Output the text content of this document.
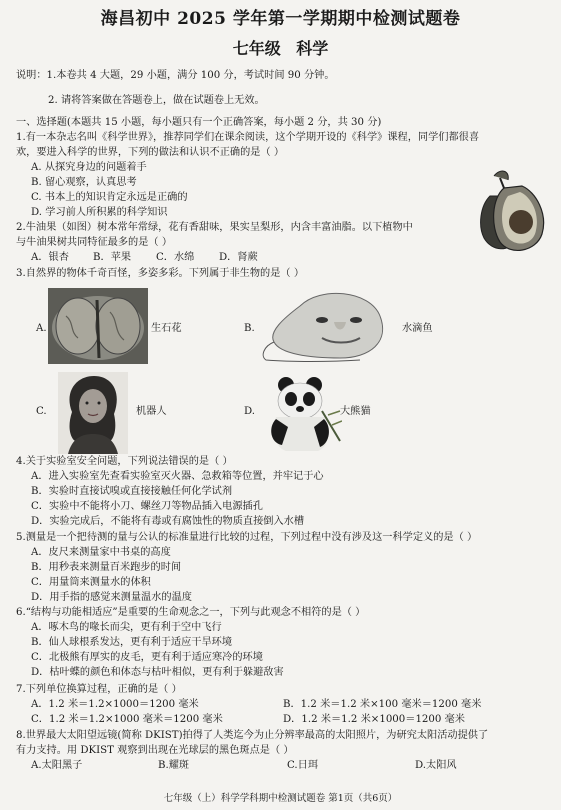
海昌初中 2025 学年第一学期期中检测试题卷
七年级 科学
说明：1.本卷共 4 大题，29 小题，满分 100 分，考试时间 90 分钟。
2. 请将答案做在答题卷上，做在试题卷上无效。
一、选择题(本题共 15 小题，每小题只有一个正确答案，每小题 2 分，共 30 分)
1.有一本杂志名叫《科学世界》，推荐同学们在课余阅读，这个学期开设的《科学》课程，同学们都很喜
欢，要进入科学的世界，下列的做法和认识不正确的是（ ）
A. 从探究身边的问题着手
B. 留心观察，认真思考
C. 书本上的知识肯定永远是正确的
D. 学习前人所积累的科学知识
2.牛油果（如图）树本常年常绿，花有香甜味，果实呈梨形，内含丰富油脂。以下植物中
与牛油果树共同特征最多的是（ ）
A．银杏 B．苹果 C．水绵 D．肾蕨
3.自然界的物体千奇百怪，多姿多彩。下列属于非生物的是（ ）
A.	生石花	B.	水滴鱼
C.	机器人	D.	大熊猫
4.关于实验室安全问题，下列说法错误的是（ ）
A．进入实验室先查看实验室灭火器、急救箱等位置，并牢记于心
B．实验时直接试嗅或直接接触任何化学试剂
C．实验中不能将小刀、螺丝刀等物品插入电源插孔
D．实验完成后，不能将有毒或有腐蚀性的物质直接倒入水槽
5.测量是一个把待测的量与公认的标准量进行比较的过程，下列过程中没有涉及这一科学定义的是（ ）
A．皮尺来测量家中书桌的高度
B．用秒表来测量百米跑步的时间
C．用量筒来测量水的体积
D．用手指的感觉来测量温水的温度
6.“结构与功能相适应”是重要的生命观念之一，下列与此观念不相符的是（ ）
A．啄木鸟的喙长而尖，更有利于空中飞行
B．仙人球根系发达，更有利于适应干旱环境
C．北极熊有厚实的皮毛，更有利于适应寒冷的环境
D．枯叶蝶的颜色和体态与枯叶相似，更有利于躲避敌害
7.下列单位换算过程，正确的是（ ）
A．1.2 米＝1.2×1000＝1200 毫米	B．1.2 米＝1.2 米×100 毫米＝1200 毫米
C．1.2 米＝1.2×1000 毫米＝1200 毫米	D．1.2 米＝1.2 米×1000＝1200 毫米
8.世界最大太阳望远镜(简称 DKIST)拍得了人类迄今为止分辨率最高的太阳照片，为研究太阳活动提供了
有力支持。用 DKIST 观察到出现在光球层的黑色斑点是（ ）
A.太阳黑子	B.耀斑	C.日珥	D.太阳风
七年级（上）科学学科期中检测试题卷 第1页（共6页）
